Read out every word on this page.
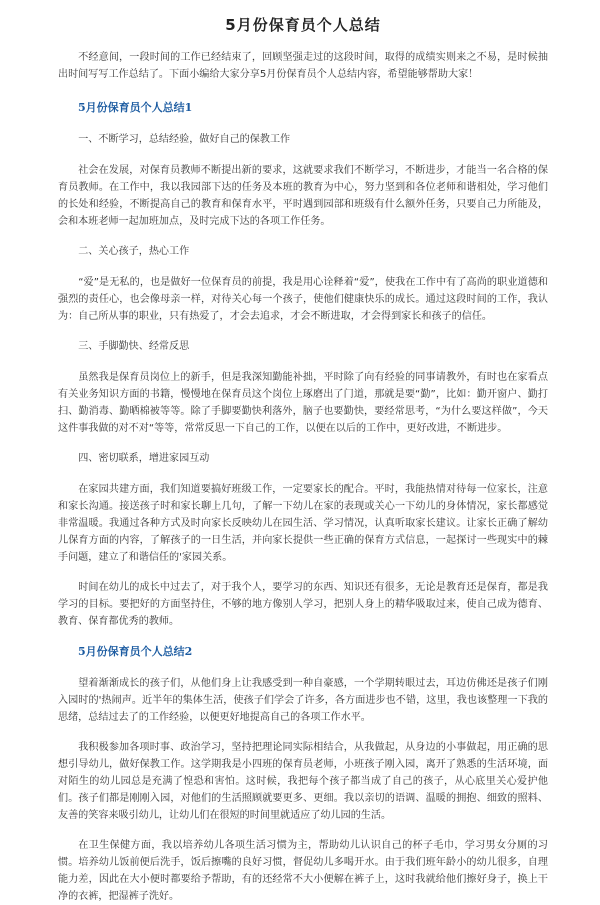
5月份保育员个人总结

不经意间，一段时间的工作已经结束了，回顾坚强走过的这段时间，取得的成绩实则来之不易，是时候抽出时间写写工作总结了。下面小编给大家分享5月份保育员个人总结内容，希望能够帮助大家！

5月份保育员个人总结1

一、不断学习，总结经验，做好自己的保教工作

社会在发展，对保育员教师不断提出新的要求，这就要求我们不断学习，不断进步，才能当一名合格的保育员教师。在工作中，我以我园部下达的任务及本班的教育为中心，努力坚到和各位老师和谐相处，学习他们的长处和经验，不断提高自己的教育和保育水平，平时遇到园部和班级有什么额外任务，只要自己力所能及，会和本班老师一起加班加点，及时完成下达的各项工作任务。

二、关心孩子，热心工作

“爱”是无私的，也是做好一位保育员的前提，我是用心诠释着“爱”，使我在工作中有了高尚的职业道德和强烈的责任心，也会像母亲一样，对待关心每一个孩子，使他们健康快乐的成长。通过这段时间的工作，我认为：自己所从事的职业，只有热爱了，才会去追求，才会不断进取，才会得到家长和孩子的信任。

三、手脚勤快、经常反思

虽然我是保育员岗位上的新手，但是我深知勤能补拙，平时除了向有经验的同事请教外，有时也在家看点有关业务知识方面的书籍，慢慢地在保育员这个岗位上琢磨出了门道，那就是要“勤”，比如：勤开窗户、勤打扫、勤消毒、勤晒棉被等等。除了手脚要勤快利落外，脑子也要勤快，要经常思考，“为什么要这样做”，今天这件事我做的对不对“等等，常常反思一下自己的工作，以便在以后的工作中，更好改进，不断进步。

四、密切联系，增进家园互动

在家园共建方面，我们知道要搞好班级工作，一定要家长的配合。平时，我能热情对待每一位家长，注意和家长沟通。接送孩子时和家长聊上几句，了解一下幼儿在家的表现或关心一下幼儿的身体情况，家长都感觉非常温暖。我通过各种方式及时向家长反映幼儿在园生活、学习情况，认真听取家长建议。让家长正确了解幼儿保育方面的内容，了解孩子的一日生活，并向家长提供一些正确的保育方式信息，一起探讨一些现实中的棘手问题，建立了和谐信任的'家园关系。

时间在幼儿的成长中过去了，对于我个人，要学习的东西、知识还有很多，无论是教育还是保育，都是我学习的目标。要把好的方面坚持住，不够的地方像别人学习，把别人身上的精华吸取过来，使自己成为德育、教育、保育都优秀的教师。

5月份保育员个人总结2

望着渐渐成长的孩子们，从他们身上让我感受到一种自豪感，一个学期转眼过去，耳边仿佛还是孩子们刚入园时的'热闹声。近半年的集体生活，使孩子们学会了许多，各方面进步也不错，这里，我也该整理一下我的思绪，总结过去了的工作经验，以便更好地提高自己的各项工作水平。

我积极参加各项时事、政治学习，坚持把理论同实际相结合，从我做起，从身边的小事做起，用正确的思想引导幼儿，做好保教工作。这学期我是小四班的保育员老师，小班孩子刚入园，离开了熟悉的生活环境，面对陌生的幼儿园总是充满了惶恐和害怕。这时候，我把每个孩子都当成了自己的孩子，从心底里关心爱护他们。孩子们都是刚刚入园，对他们的生活照顾就要更多、更细。我以亲切的语调、温暖的拥抱、细致的照料、友善的笑容来吸引幼儿，让幼儿们在很短的时间里就适应了幼儿园的生活。

在卫生保健方面，我以培养幼儿各项生活习惯为主，帮助幼儿认识自己的杯子毛巾，学习男女分厕的习惯。培养幼儿饭前便后洗手，饭后擦嘴的良好习惯，督促幼儿多喝开水。由于我们班年龄小的幼儿很多，自理能力差，因此在大小便时都要给予帮助，有的还经常不大小便解在裤子上，这时我就给他们擦好身子，换上干净的衣裤，把湿裤子洗好。
